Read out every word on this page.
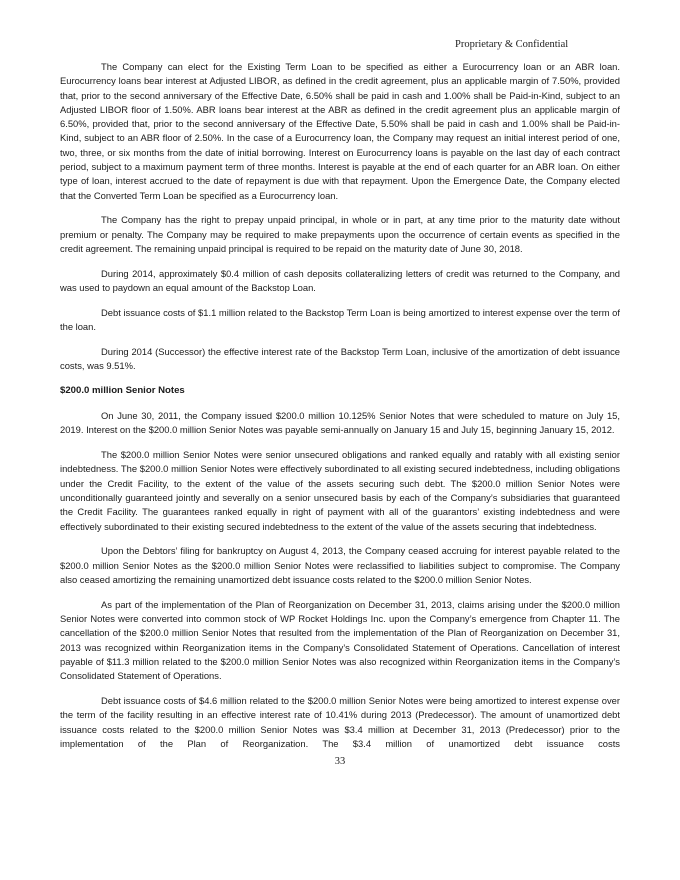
Proprietary & Confidential

The Company can elect for the Existing Term Loan to be specified as either a Eurocurrency loan or an ABR loan. Eurocurrency loans bear interest at Adjusted LIBOR, as defined in the credit agreement, plus an applicable margin of 7.50%, provided that, prior to the second anniversary of the Effective Date, 6.50% shall be paid in cash and 1.00% shall be Paid-in-Kind, subject to an Adjusted LIBOR floor of 1.50%. ABR loans bear interest at the ABR as defined in the credit agreement plus an applicable margin of 6.50%, provided that, prior to the second anniversary of the Effective Date, 5.50% shall be paid in cash and 1.00% shall be Paid-in-Kind, subject to an ABR floor of 2.50%. In the case of a Eurocurrency loan, the Company may request an initial interest period of one, two, three, or six months from the date of initial borrowing. Interest on Eurocurrency loans is payable on the last day of each contract period, subject to a maximum payment term of three months. Interest is payable at the end of each quarter for an ABR loan. On either type of loan, interest accrued to the date of repayment is due with that repayment. Upon the Emergence Date, the Company elected that the Converted Term Loan be specified as a Eurocurrency loan.

The Company has the right to prepay unpaid principal, in whole or in part, at any time prior to the maturity date without premium or penalty. The Company may be required to make prepayments upon the occurrence of certain events as specified in the credit agreement. The remaining unpaid principal is required to be repaid on the maturity date of June 30, 2018.

During 2014, approximately $0.4 million of cash deposits collateralizing letters of credit was returned to the Company, and was used to paydown an equal amount of the Backstop Loan.

Debt issuance costs of $1.1 million related to the Backstop Term Loan is being amortized to interest expense over the term of the loan.

During 2014 (Successor) the effective interest rate of the Backstop Term Loan, inclusive of the amortization of debt issuance costs, was 9.51%.

$200.0 million Senior Notes

On June 30, 2011, the Company issued $200.0 million 10.125% Senior Notes that were scheduled to mature on July 15, 2019. Interest on the $200.0 million Senior Notes was payable semi-annually on January 15 and July 15, beginning January 15, 2012.

The $200.0 million Senior Notes were senior unsecured obligations and ranked equally and ratably with all existing senior indebtedness. The $200.0 million Senior Notes were effectively subordinated to all existing secured indebtedness, including obligations under the Credit Facility, to the extent of the value of the assets securing such debt. The $200.0 million Senior Notes were unconditionally guaranteed jointly and severally on a senior unsecured basis by each of the Company’s subsidiaries that guaranteed the Credit Facility. The guarantees ranked equally in right of payment with all of the guarantors’ existing indebtedness and were effectively subordinated to their existing secured indebtedness to the extent of the value of the assets securing that indebtedness.

Upon the Debtors’ filing for bankruptcy on August 4, 2013, the Company ceased accruing for interest payable related to the $200.0 million Senior Notes as the $200.0 million Senior Notes were reclassified to liabilities subject to compromise. The Company also ceased amortizing the remaining unamortized debt issuance costs related to the $200.0 million Senior Notes.

As part of the implementation of the Plan of Reorganization on December 31, 2013, claims arising under the $200.0 million Senior Notes were converted into common stock of WP Rocket Holdings Inc. upon the Company’s emergence from Chapter 11. The cancellation of the $200.0 million Senior Notes that resulted from the implementation of the Plan of Reorganization on December 31, 2013 was recognized within Reorganization items in the Company’s Consolidated Statement of Operations. Cancellation of interest payable of $11.3 million related to the $200.0 million Senior Notes was also recognized within Reorganization items in the Company’s Consolidated Statement of Operations.

Debt issuance costs of $4.6 million related to the $200.0 million Senior Notes were being amortized to interest expense over the term of the facility resulting in an effective interest rate of 10.41% during 2013 (Predecessor). The amount of unamortized debt issuance costs related to the $200.0 million Senior Notes was $3.4 million at December 31, 2013 (Predecessor) prior to the implementation of the Plan of Reorganization. The $3.4 million of unamortized debt issuance costs

33
